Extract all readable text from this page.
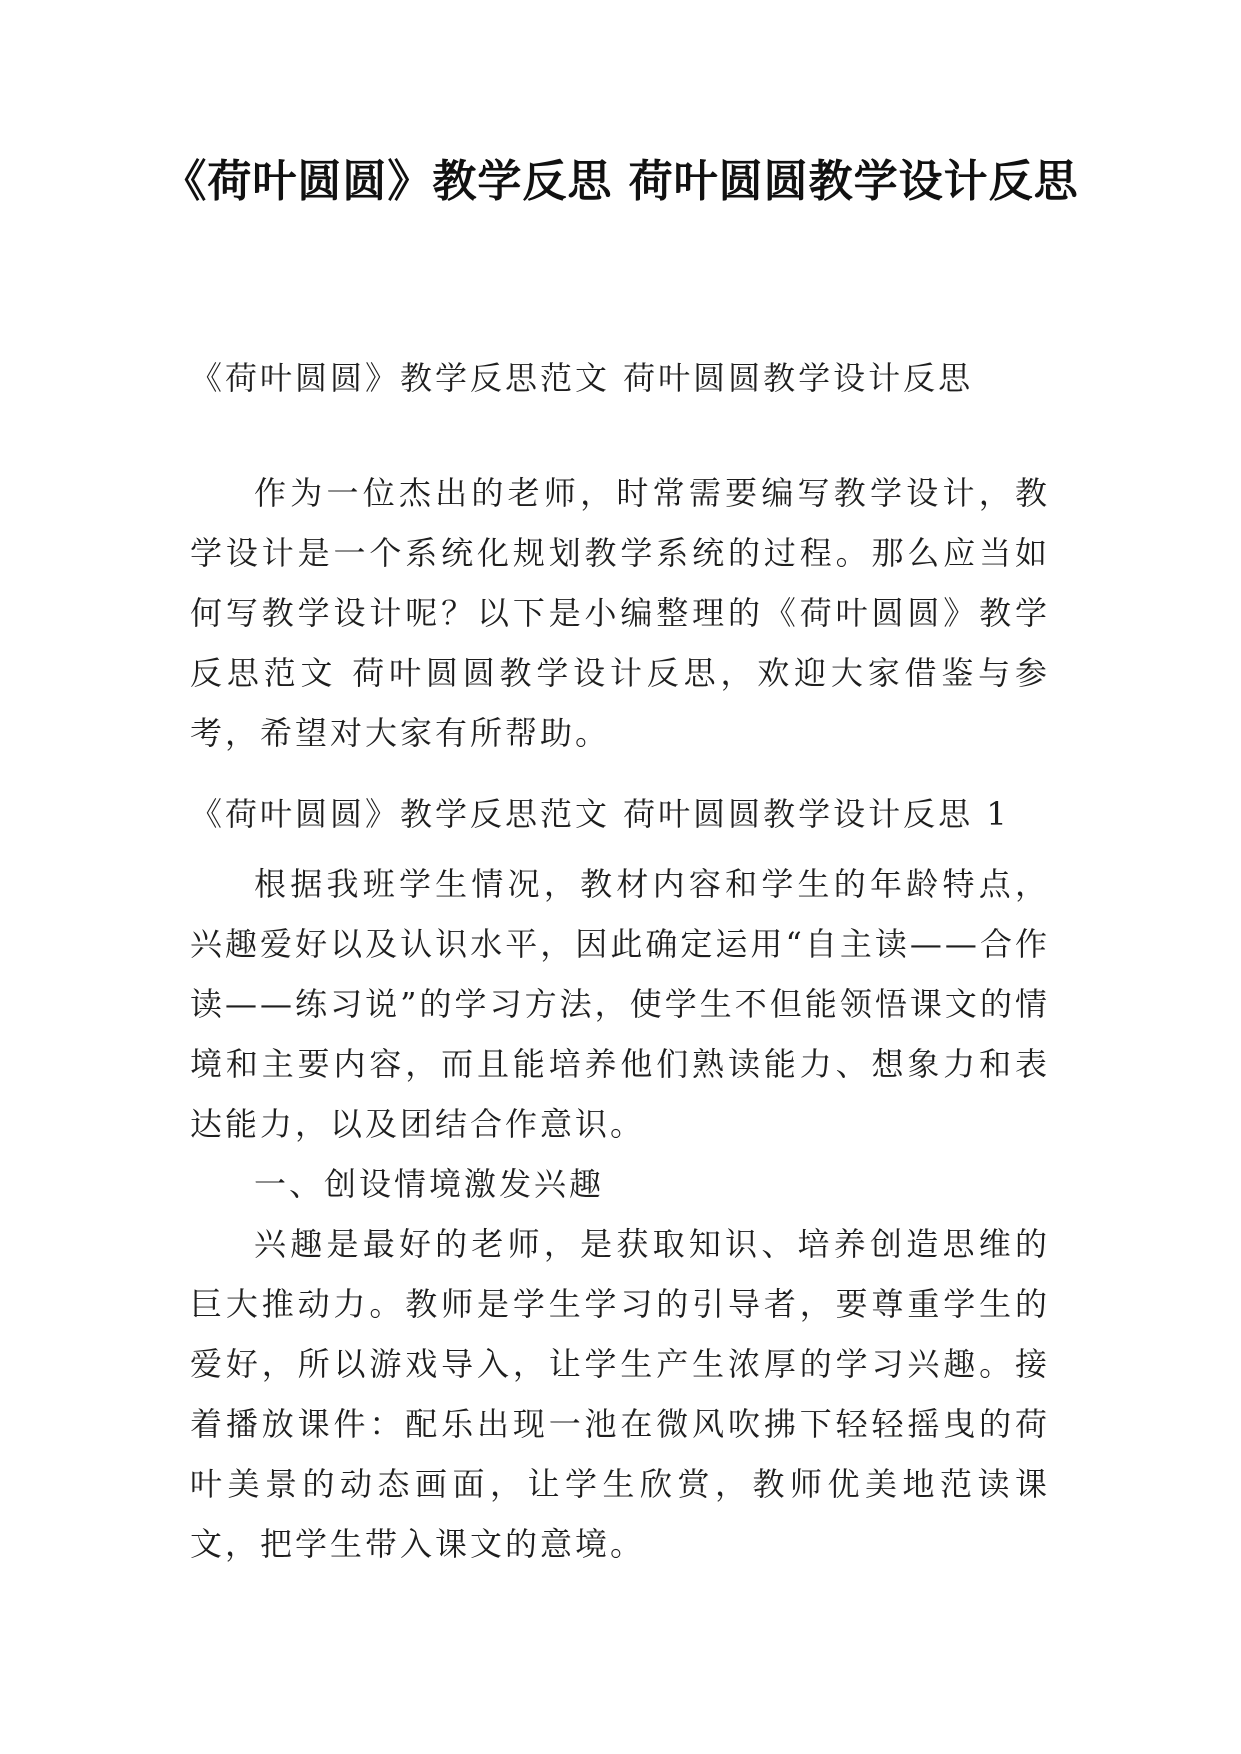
《荷叶圆圆》教学反思 荷叶圆圆教学设计反思

《荷叶圆圆》教学反思范文 荷叶圆圆教学设计反思

作为一位杰出的老师，时常需要编写教学设计，教学设计是一个系统化规划教学系统的过程。那么应当如何写教学设计呢？以下是小编整理的《荷叶圆圆》教学反思范文 荷叶圆圆教学设计反思，欢迎大家借鉴与参考，希望对大家有所帮助。

《荷叶圆圆》教学反思范文 荷叶圆圆教学设计反思 1

根据我班学生情况，教材内容和学生的年龄特点，兴趣爱好以及认识水平，因此确定运用“自主读——合作读——练习说”的学习方法，使学生不但能领悟课文的情境和主要内容，而且能培养他们熟读能力、想象力和表达能力，以及团结合作意识。

一、创设情境激发兴趣

兴趣是最好的老师，是获取知识、培养创造思维的巨大推动力。教师是学生学习的引导者，要尊重学生的爱好，所以游戏导入，让学生产生浓厚的学习兴趣。接着播放课件：配乐出现一池在微风吹拂下轻轻摇曳的荷叶美景的动态画面，让学生欣赏，教师优美地范读课文，把学生带入课文的意境。
